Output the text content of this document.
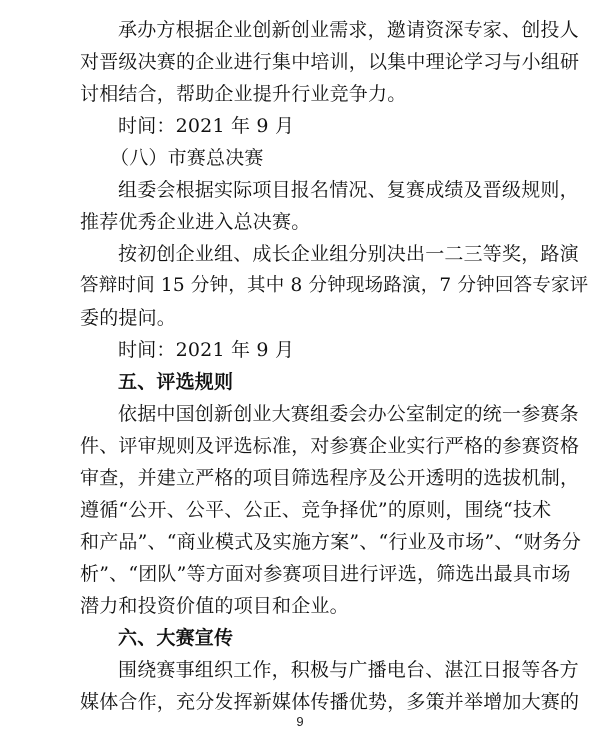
承办方根据企业创新创业需求，邀请资深专家、创投人
对晋级决赛的企业进行集中培训，以集中理论学习与小组研
讨相结合，帮助企业提升行业竞争力。
时间：2021 年 9 月
（八）市赛总决赛
组委会根据实际项目报名情况、复赛成绩及晋级规则，
推荐优秀企业进入总决赛。
按初创企业组、成长企业组分别决出一二三等奖，路演
答辩时间 15 分钟，其中 8 分钟现场路演，7 分钟回答专家评
委的提问。
时间：2021 年 9 月
五、评选规则
依据中国创新创业大赛组委会办公室制定的统一参赛条
件、评审规则及评选标准，对参赛企业实行严格的参赛资格
审查，并建立严格的项目筛选程序及公开透明的选拔机制，
遵循“公开、公平、公正、竞争择优”的原则，围绕“技术
和产品”、“商业模式及实施方案”、“行业及市场”、“财务分
析”、“团队”等方面对参赛项目进行评选，筛选出最具市场
潜力和投资价值的项目和企业。
六、大赛宣传
围绕赛事组织工作，积极与广播电台、湛江日报等各方
媒体合作，充分发挥新媒体传播优势，多策并举增加大赛的
9
